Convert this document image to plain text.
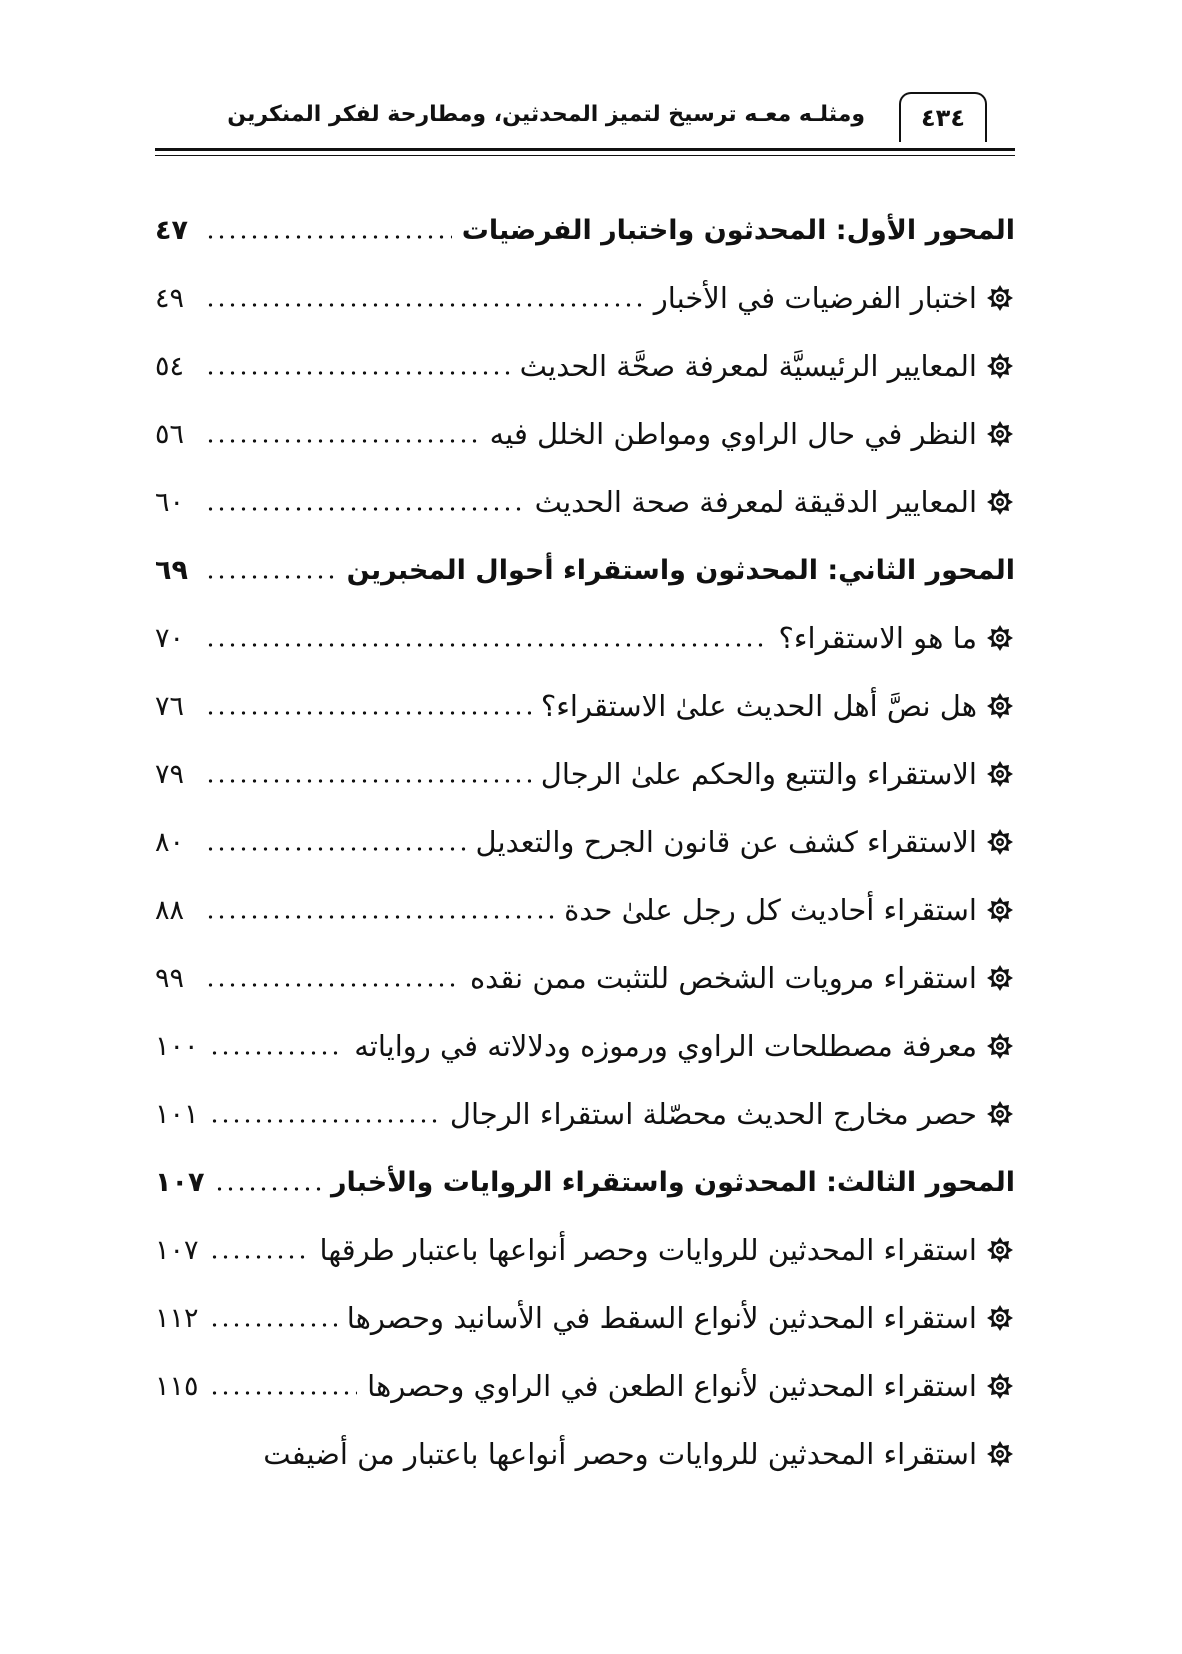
٤٣٤
ومثلـه معـه ترسيخ لتميز المحدثين، ومطارحة لفكر المنكرين
المحور الأول: المحدثون واختبار الفرضيات
٤٧
اختبار الفرضيات في الأخبار
٤٩
المعايير الرئيسيَّة لمعرفة صحَّة الحديث
٥٤
النظر في حال الراوي ومواطن الخلل فيه
٥٦
المعايير الدقيقة لمعرفة صحة الحديث
٦٠
المحور الثاني: المحدثون واستقراء أحوال المخبرين
٦٩
ما هو الاستقراء؟
٧٠
هل نصَّ أهل الحديث علىٰ الاستقراء؟
٧٦
الاستقراء والتتبع والحكم علىٰ الرجال
٧٩
الاستقراء كشف عن قانون الجرح والتعديل
٨٠
استقراء أحاديث كل رجل علىٰ حدة
٨٨
استقراء مرويات الشخص للتثبت ممن نقده
٩٩
معرفة مصطلحات الراوي ورموزه ودلالاته في رواياته
١٠٠
حصر مخارج الحديث محصّلة استقراء الرجال
١٠١
المحور الثالث: المحدثون واستقراء الروايات والأخبار
١٠٧
استقراء المحدثين للروايات وحصر أنواعها باعتبار طرقها
١٠٧
استقراء المحدثين لأنواع السقط في الأسانيد وحصرها
١١٢
استقراء المحدثين لأنواع الطعن في الراوي وحصرها
١١٥
استقراء المحدثين للروايات وحصر أنواعها باعتبار من أضيفت
